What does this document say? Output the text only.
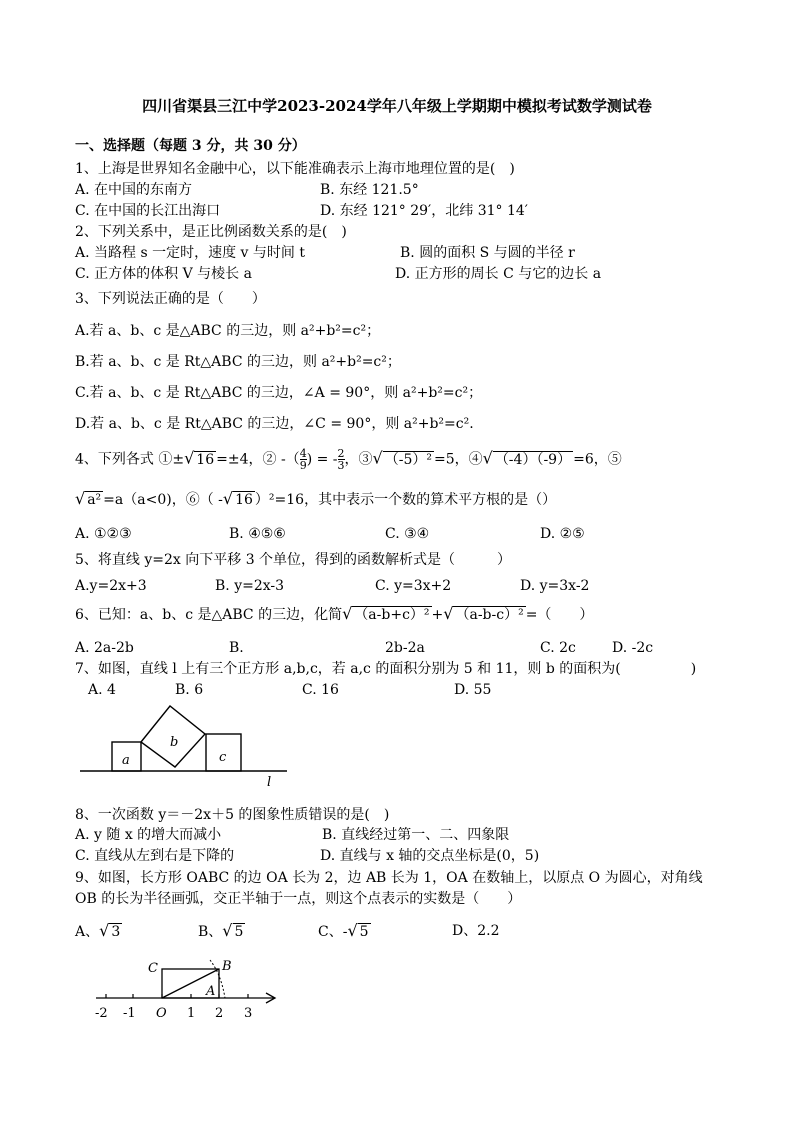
四川省渠县三江中学2023-2024学年八年级上学期期中模拟考试数学测试卷
一、选择题（每题 3 分，共 30 分）
1、上海是世界知名金融中心，以下能准确表示上海市地理位置的是(　)
A. 在中国的东南方	B. 东经 121.5°
C. 在中国的长江出海口	D. 东经 121° 29′，北纬 31° 14′
2、下列关系中，是正比例函数关系的是(　)
A. 当路程 s 一定时，速度 v 与时间 t	B. 圆的面积 S 与圆的半径 r
C. 正方体的体积 V 与棱长 a	D. 正方形的周长 C 与它的边长 a
3、下列说法正确的是（　　）
A.若 a、b、c 是△ABC 的三边，则 a²+b²=c²；
B.若 a、b、c 是 Rt△ABC 的三边，则 a²+b²=c²；
C.若 a、b、c 是 Rt△ABC 的三边，∠A = 90°，则 a²+b²=c²；
D.若 a、b、c 是 Rt△ABC 的三边，∠C = 90°，则 a²+b²=c².
4、下列各式 ①±√ 16 =±4，② -（ $\frac{4}{9}$ ) = - $\frac{2}{3}$ ，③√ （-5）² =5，④√ （-4）（-9） =6，⑤
√ a² =a（a<0)，⑥（ -√ 16 ）²=16，其中表示一个数的算术平方根的是（）
A. ①②③	B. ④⑤⑥	C. ③④	D. ②⑤
5、将直线 y=2x 向下平移 3 个单位，得到的函数解析式是（　　　）
A.y=2x+3	B. y=2x-3	C. y=3x+2	D. y=3x-2
6、已知：a、b、c 是△ABC 的三边，化简√ （a-b+c）² +√ （a-b-c）² =（　　）
A. 2a-2b	B.	2b-2a	C. 2c	D. -2c
7、如图，直线 l 上有三个正方形 a,b,c，若 a,c 的面积分别为 5 和 11，则 b 的面积为(　　　　　)
A. 4	B. 6	C. 16	D. 55
a
b
c
l
8、一次函数 y＝－2x＋5 的图象性质错误的是(　)
A. y 随 x 的增大而减小	B. 直线经过第一、二、四象限
C. 直线从左到右是下降的	D. 直线与 x 轴的交点坐标是(0，5)
9、如图，长方形 OABC 的边 OA 长为 2，边 AB 长为 1，OA 在数轴上，以原点 O 为圆心，对角线
OB 的长为半径画弧，交正半轴于一点，则这个点表示的实数是（　　）
A、√ 3	B、√ 5	C、-√ 5	D、2.2
C	B
A
-2 -1 O 1 2 3
